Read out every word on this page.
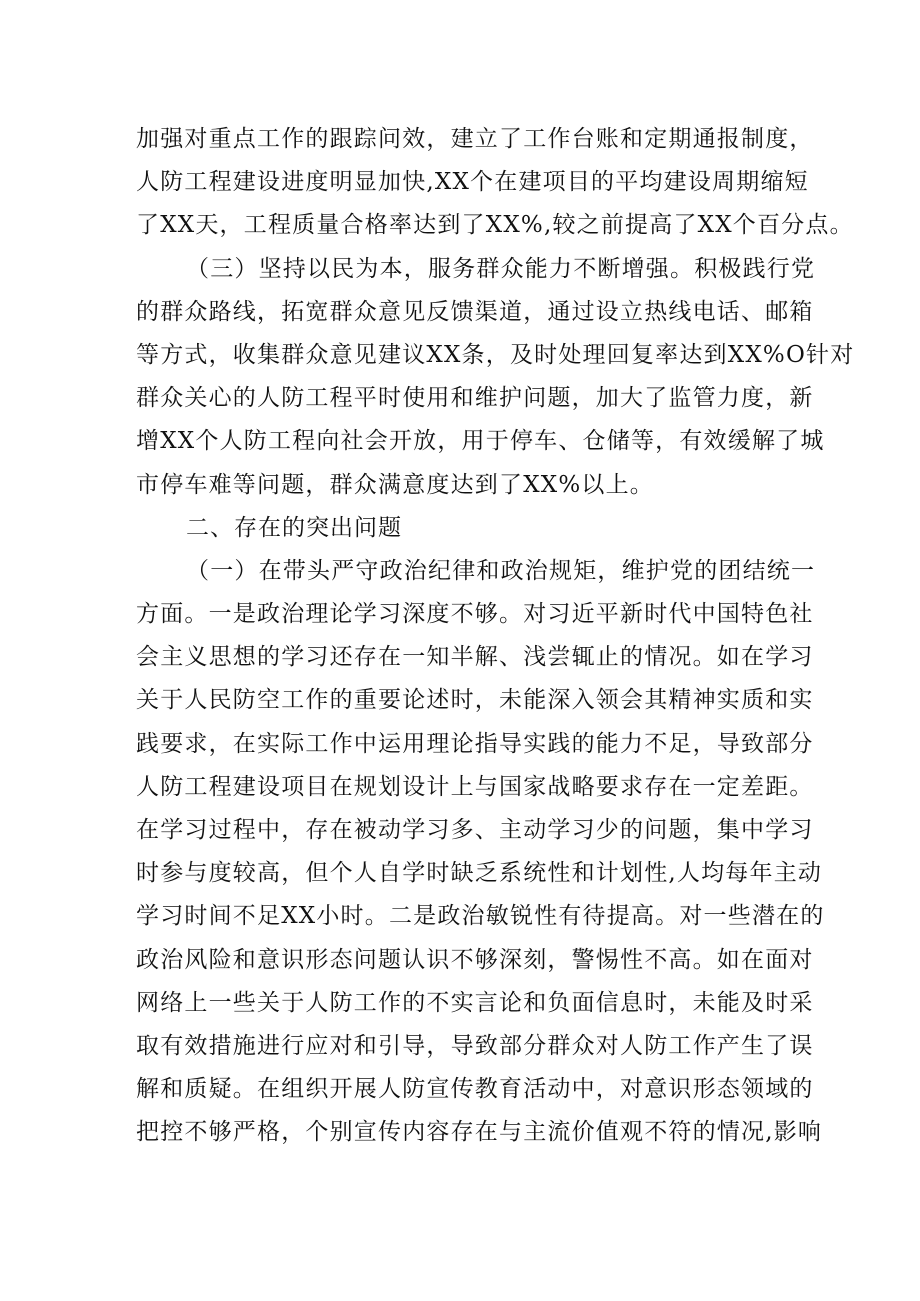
加强对重点工作的跟踪问效，建立了工作台账和定期通报制度，
人防工程建设进度明显加快,XX个在建项目的平均建设周期缩短
了XX天，工程质量合格率达到了XX%,较之前提高了XX个百分点。
（三）坚持以民为本，服务群众能力不断增强。积极践行党
的群众路线，拓宽群众意见反馈渠道，通过设立热线电话、邮箱
等方式，收集群众意见建议XX条，及时处理回复率达到XX%O针对
群众关心的人防工程平时使用和维护问题，加大了监管力度，新
增XX个人防工程向社会开放，用于停车、仓储等，有效缓解了城
市停车难等问题，群众满意度达到了XX%以上。
二、存在的突出问题
（一）在带头严守政治纪律和政治规矩，维护党的团结统一
方面。一是政治理论学习深度不够。对习近平新时代中国特色社
会主义思想的学习还存在一知半解、浅尝辄止的情况。如在学习
关于人民防空工作的重要论述时，未能深入领会其精神实质和实
践要求，在实际工作中运用理论指导实践的能力不足，导致部分
人防工程建设项目在规划设计上与国家战略要求存在一定差距。
在学习过程中，存在被动学习多、主动学习少的问题，集中学习
时参与度较高，但个人自学时缺乏系统性和计划性,人均每年主动
学习时间不足XX小时。二是政治敏锐性有待提高。对一些潜在的
政治风险和意识形态问题认识不够深刻，警惕性不高。如在面对
网络上一些关于人防工作的不实言论和负面信息时，未能及时采
取有效措施进行应对和引导，导致部分群众对人防工作产生了误
解和质疑。在组织开展人防宣传教育活动中，对意识形态领域的
把控不够严格，个别宣传内容存在与主流价值观不符的情况,影响
